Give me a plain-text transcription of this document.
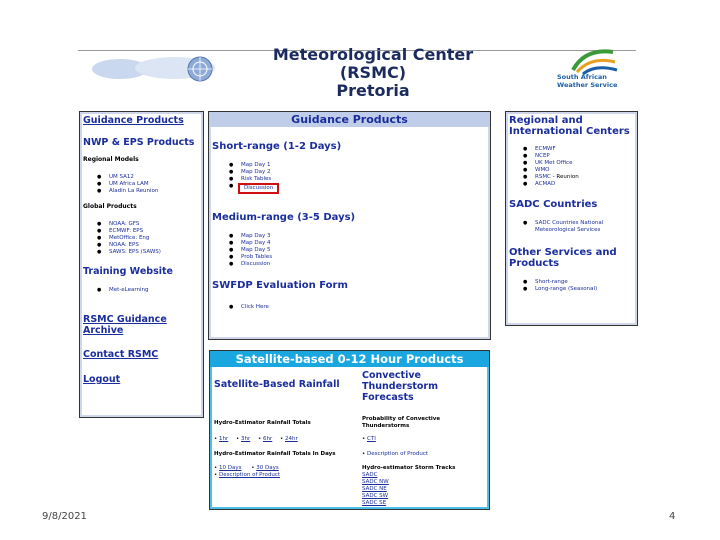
Meteorological Center (RSMC)
Pretoria
South African
Weather Service
Guidance Products
NWP & EPS Products
Regional Models
● UM SA12
● UM Africa LAM
● Aladin La Reunion
Global Products
● NOAA: GFS
● ECMWF: EPS
● MetOffice: Eng
● NOAA: EPS
● SAWS: EPS (SAWS)
Training Website
● Met-eLearning
RSMC Guidance
Archive
Contact RSMC
Logout
Guidance Products
Short-range (1-2 Days)
● Map Day 1
● Map Day 2
● Risk Tables
● Discussion
Medium-range (3-5 Days)
● Map Day 3
● Map Day 4
● Map Day 5
● Prob Tables
● Discussion
SWFDP Evaluation Form
● Click Here
Regional and
International Centers
● ECMWF
● NCEP
● UK Met Office
● WMO
● RSMC - Reunion
● ACMAD
SADC Countries
● SADC Countries National Meteorological Services
Other Services and
Products
● Short-range
● Long-range (Seasonal)
Satellite-based 0-12 Hour Products
Satellite-Based Rainfall
Convective
Thunderstorm
Forecasts
Hydro-Estimator Rainfall Totals
Probability of Convective
Thunderstorms
• 1hr • 3hr • 6hr • 24hr	• CTI
Hydro-Estimator Rainfall Totals In Days	• Description of Product
• 10 Days • 30 Days
• Description of Product
Hydro-estimator Storm Tracks
SADC
SADC NW
SADC NE
SADC SW
SADC SE
9/8/2021	4
